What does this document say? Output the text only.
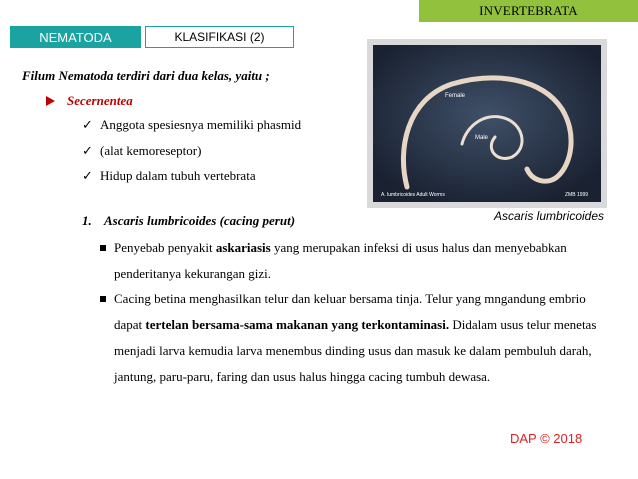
INVERTEBRATA
NEMATODA	KLASIFIKASI (2)
Filum Nematoda terdiri dari dua kelas, yaitu ;
Secernentea
✓ Anggota spesiesnya memiliki phasmid
✓ (alat kemoreseptor)
✓ Hidup dalam tubuh vertebrata
1. Ascaris lumbricoides (cacing perut)
Penyebab penyakit askariasis yang merupakan infeksi di usus halus dan menyebabkan penderitanya kekurangan gizi.
Cacing betina menghasilkan telur dan keluar bersama tinja. Telur yang mngandung embrio dapat tertelan bersama-sama makanan yang terkontaminasi. Didalam usus telur menetas menjadi larva kemudia larva menembus dinding usus dan masuk ke dalam pembuluh darah, jantung, paru-paru, faring dan usus halus hingga cacing tumbuh dewasa.
Female
Male
A. lumbricoides Adult Worms	ZMB 1999
Ascaris lumbricoides
DAP © 2018
